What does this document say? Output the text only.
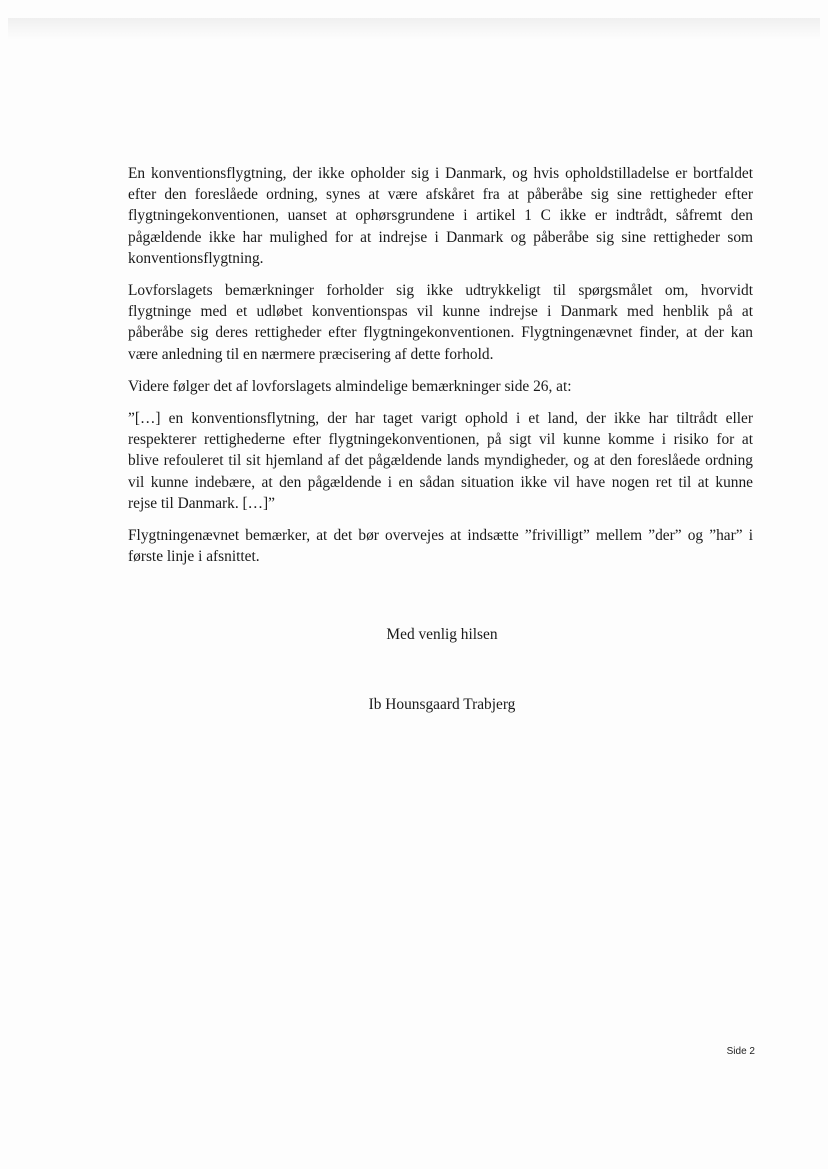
En konventionsflygtning, der ikke opholder sig i Danmark, og hvis opholdstilladelse er bortfaldet
efter den foreslåede ordning, synes at være afskåret fra at påberåbe sig sine rettigheder efter
flygtningekonventionen, uanset at ophørsgrundene i artikel 1 C ikke er indtrådt, såfremt den
pågældende ikke har mulighed for at indrejse i Danmark og påberåbe sig sine rettigheder som
konventionsflygtning.

Lovforslagets bemærkninger forholder sig ikke udtrykkeligt til spørgsmålet om, hvorvidt
flygtninge med et udløbet konventionspas vil kunne indrejse i Danmark med henblik på at
påberåbe sig deres rettigheder efter flygtningekonventionen. Flygtningenævnet finder, at der kan
være anledning til en nærmere præcisering af dette forhold.

Videre følger det af lovforslagets almindelige bemærkninger side 26, at:

”[…] en konventionsflytning, der har taget varigt ophold i et land, der ikke har tiltrådt eller
respekterer rettighederne efter flygtningekonventionen, på sigt vil kunne komme i risiko for at
blive refouleret til sit hjemland af det pågældende lands myndigheder, og at den foreslåede ordning
vil kunne indebære, at den pågældende i en sådan situation ikke vil have nogen ret til at kunne
rejse til Danmark. […]”

Flygtningenævnet bemærker, at det bør overvejes at indsætte ”frivilligt” mellem ”der” og ”har” i
første linje i afsnittet.

Med venlig hilsen
Ib Hounsgaard Trabjerg
Side 2
